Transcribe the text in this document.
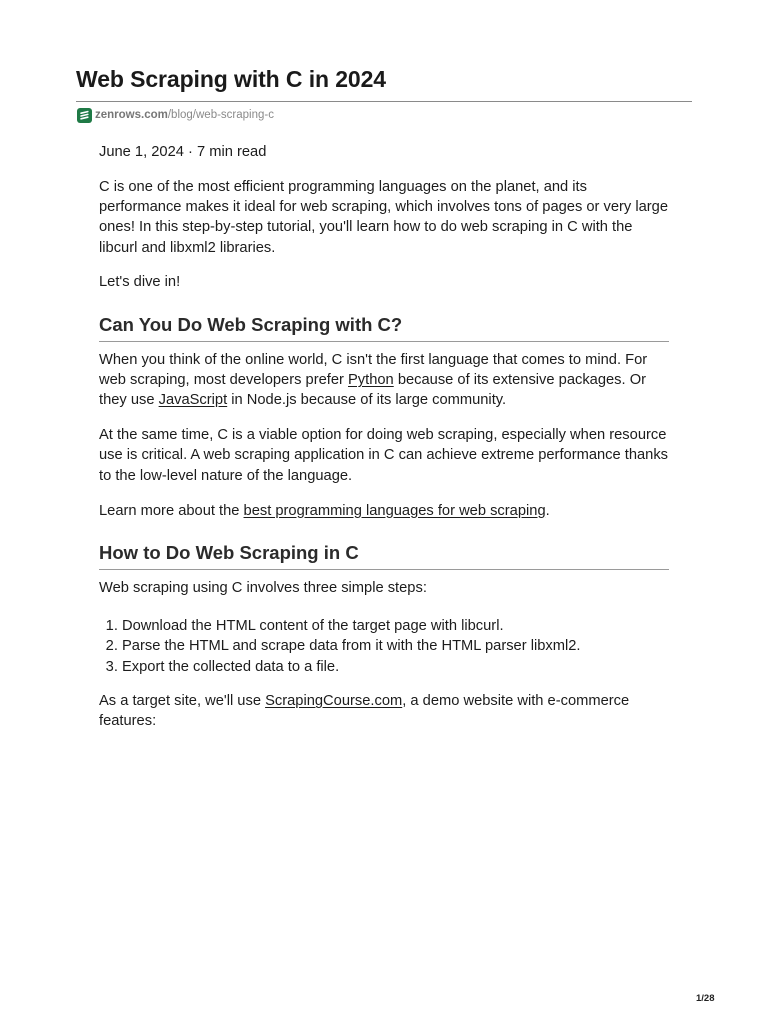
Web Scraping with C in 2024
zenrows.com /blog/web-scraping-c

June 1, 2024 · 7 min read

C is one of the most efficient programming languages on the planet, and its performance makes it ideal for web scraping, which involves tons of pages or very large ones! In this step-by-step tutorial, you'll learn how to do web scraping in C with the libcurl and libxml2 libraries.

Let's dive in!

Can You Do Web Scraping with C?

When you think of the online world, C isn't the first language that comes to mind. For web scraping, most developers prefer Python because of its extensive packages. Or they use JavaScript in Node.js because of its large community.

At the same time, C is a viable option for doing web scraping, especially when resource use is critical. A web scraping application in C can achieve extreme performance thanks to the low-level nature of the language.

Learn more about the best programming languages for web scraping.

How to Do Web Scraping in C

Web scraping using C involves three simple steps:

1. Download the HTML content of the target page with libcurl.
2. Parse the HTML and scrape data from it with the HTML parser libxml2.
3. Export the collected data to a file.

As a target site, we'll use ScrapingCourse.com, a demo website with e-commerce features:

1/28
